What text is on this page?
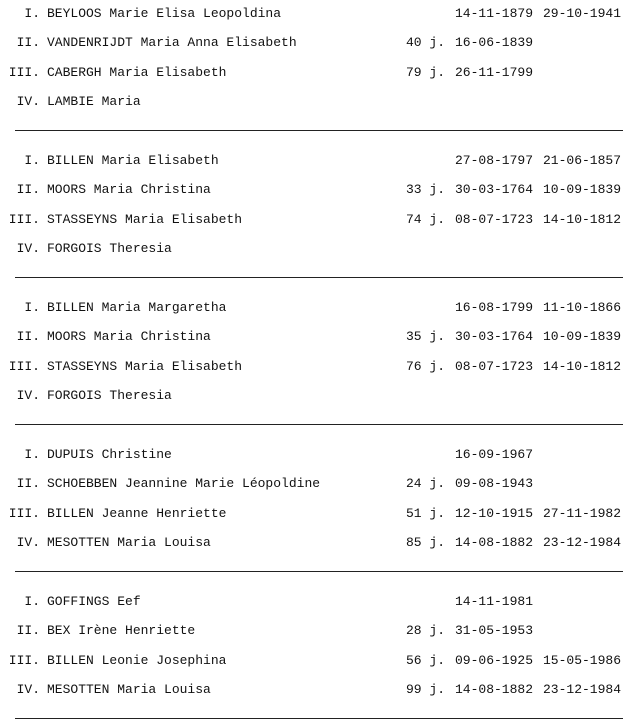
I. BEYLOOS Marie Elisa Leopoldina	14-11-1879 29-10-1941
II. VANDENRIJDT Maria Anna Elisabeth	40 j. 16-06-1839
III. CABERGH Maria Elisabeth	79 j. 26-11-1799
IV. LAMBIE Maria
I. BILLEN Maria Elisabeth	27-08-1797 21-06-1857
II. MOORS Maria Christina	33 j. 30-03-1764 10-09-1839
III. STASSEYNS Maria Elisabeth	74 j. 08-07-1723 14-10-1812
IV. FORGOIS Theresia
I. BILLEN Maria Margaretha	16-08-1799 11-10-1866
II. MOORS Maria Christina	35 j. 30-03-1764 10-09-1839
III. STASSEYNS Maria Elisabeth	76 j. 08-07-1723 14-10-1812
IV. FORGOIS Theresia
I. DUPUIS Christine	16-09-1967
II. SCHOEBBEN Jeannine Marie Léopoldine	24 j. 09-08-1943
III. BILLEN Jeanne Henriette	51 j. 12-10-1915 27-11-1982
IV. MESOTTEN Maria Louisa	85 j. 14-08-1882 23-12-1984
I. GOFFINGS Eef	14-11-1981
II. BEX Irène Henriette	28 j. 31-05-1953
III. BILLEN Leonie Josephina	56 j. 09-06-1925 15-05-1986
IV. MESOTTEN Maria Louisa	99 j. 14-08-1882 23-12-1984
